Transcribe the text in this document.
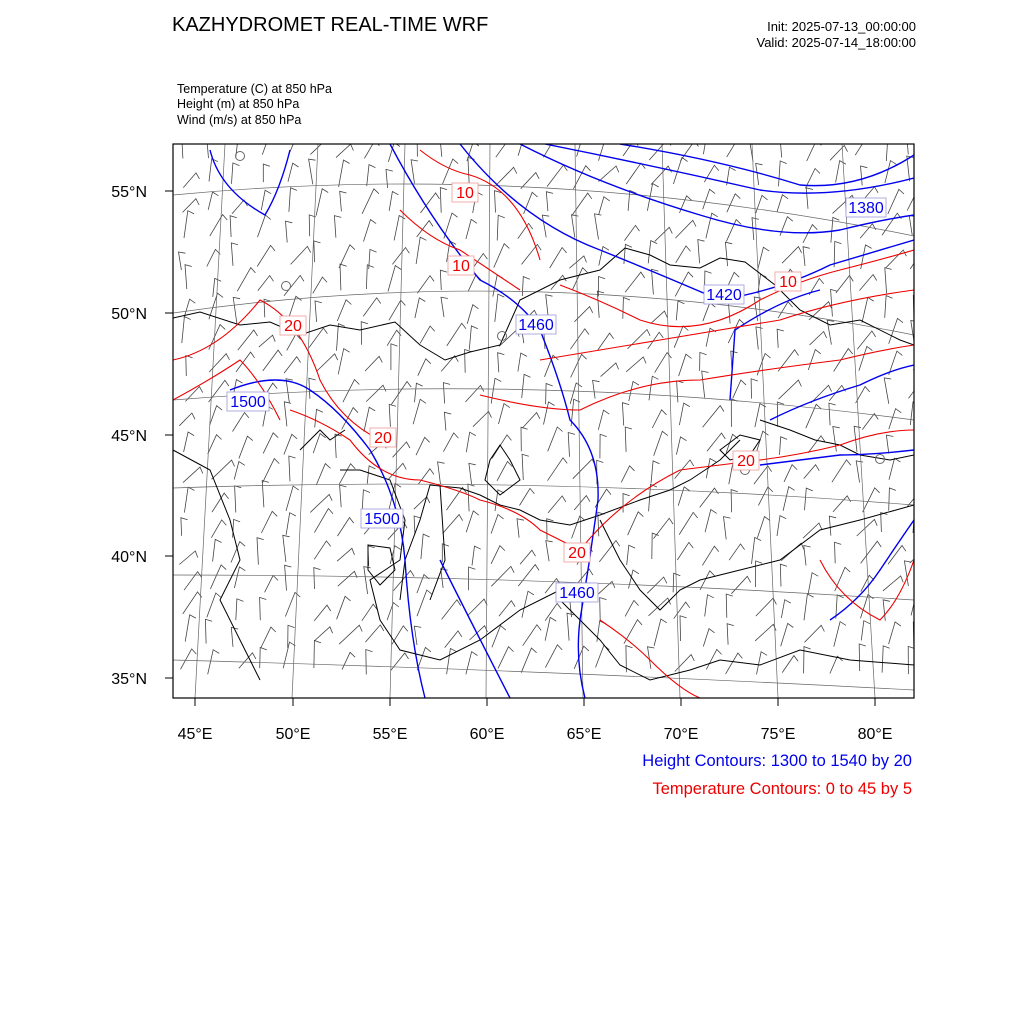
KAZHYDROMET REAL-TIME WRF	Init: 2025-07-13_00:00:00
Valid: 2025-07-14_18:00:00
Temperature (C) at 850 hPa
Height (m) at 850 hPa
Wind (m/s) at 850 hPa
1380
1420
1460
1500
1500
1460
10
10
10
20
20
20
20
55°N
50°N
45°N
40°N
35°N
45°E	50°E	55°E	60°E	65°E	70°E	75°E	80°E
Height Contours: 1300 to 1540 by 20
Temperature Contours: 0 to 45 by 5
